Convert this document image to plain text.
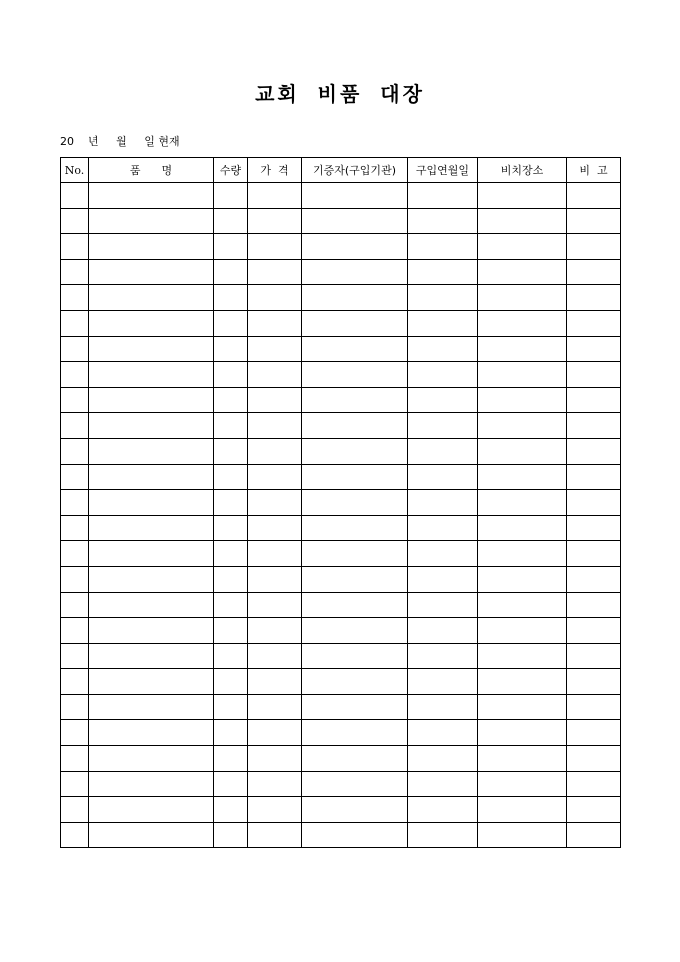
교회 비품 대장
20    년     월     일 현재
No.	품      명	수량	가  격	기증자(구입기관)	구입연월일	비치장소	비  고
